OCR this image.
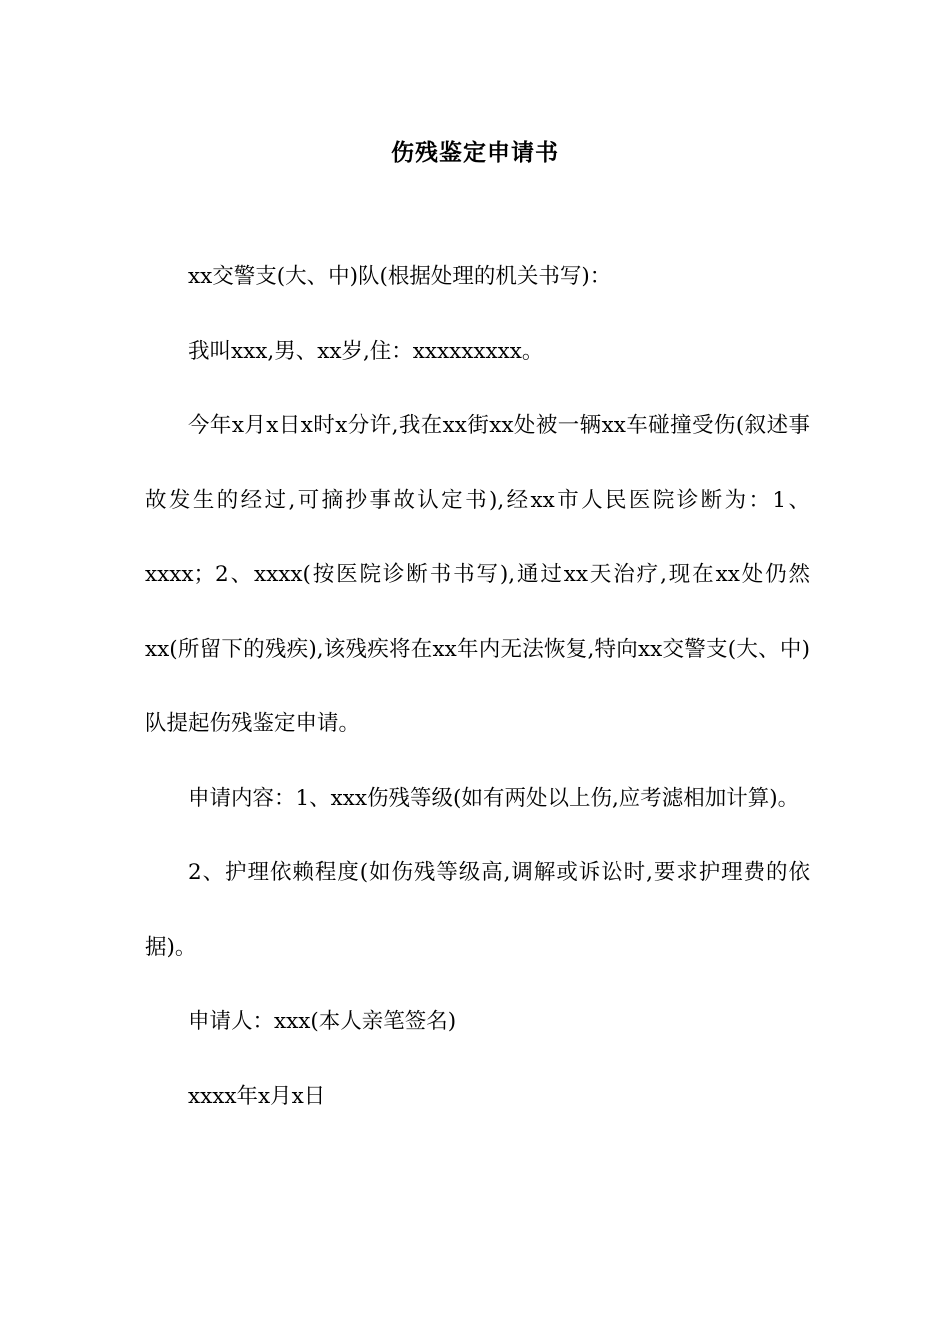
伤残鉴定申请书

xx交警支(大、中)队(根据处理的机关书写)：

我叫xxx,男、xx岁,住：xxxxxxxxx。

今年x月x日x时x分许,我在xx街xx处被一辆xx车碰撞受伤(叙述事故发生的经过,可摘抄事故认定书),经xx市人民医院诊断为：1、xxxx；2、xxxx(按医院诊断书书写),通过xx天治疗,现在xx处仍然xx(所留下的残疾),该残疾将在xx年内无法恢复,特向xx交警支(大、中)队提起伤残鉴定申请。

申请内容：1、xxx伤残等级(如有两处以上伤,应考滤相加计算)。

2、护理依赖程度(如伤残等级高,调解或诉讼时,要求护理费的依据)。

申请人：xxx(本人亲笔签名)

xxxx年x月x日
